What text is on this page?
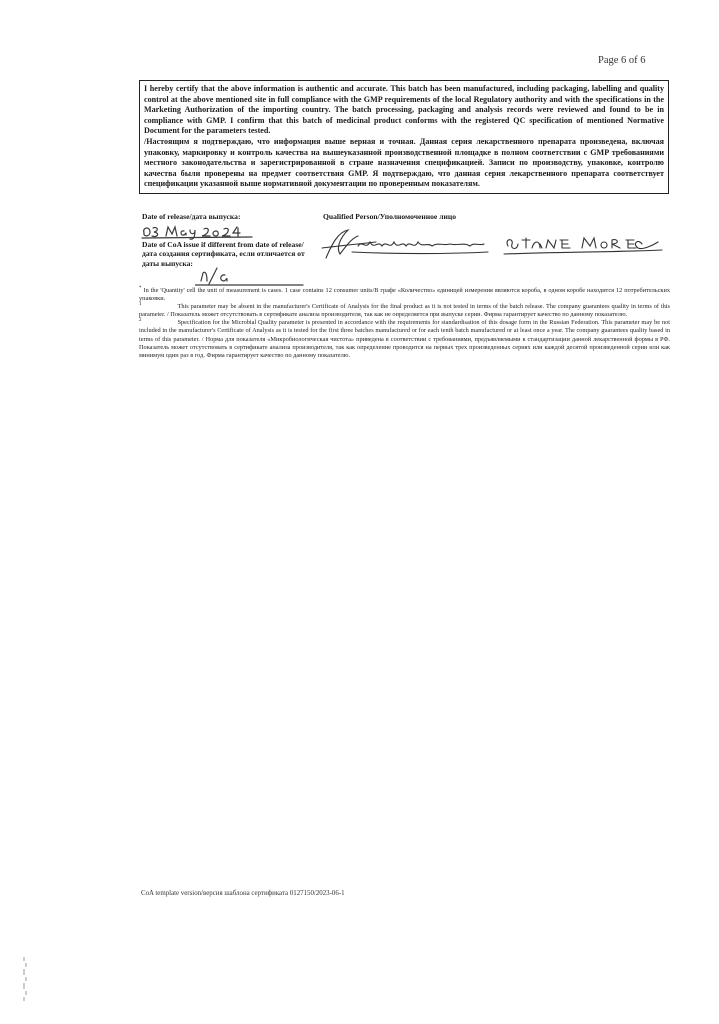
Page 6 of 6

I hereby certify that the above information is authentic and accurate. This batch has been manufactured, including packaging, labelling and quality control at the above mentioned site in full compliance with the GMP requirements of the local Regulatory authority and with the specifications in the Marketing Authorization of the importing country. The batch processing, packaging and analysis records were reviewed and found to be in compliance with GMP. I confirm that this batch of medicinal product conforms with the registered QC specification of mentioned Normative Document for the parameters tested.

/Настоящим я подтверждаю, что информация выше верная и точная. Данная серия лекарственного препарата произведена, включая упаковку, маркировку и контроль качества на вышеуказанной производственной площадке в полном соответствии с GMP требованиями местного законодательства и зарегистрированной в стране назначения спецификацией. Записи по производству, упаковке, контролю качества были проверены на предмет соответствия GMP. Я подтверждаю, что данная серия лекарственного препарата соответствует спецификации указанной выше нормативной документации по проверенным показателям.

Date of release/дата выпуска:
Date of CoA issue if different from date of release/дата создания сертификата, если отличается от даты выпуска:
Qualified Person/Уполномоченное лицо

* In the 'Quantity' cell the unit of measurement is cases. 1 case contains 12 consumer units/В графе «Количество» единицей измерения являются коробa, в одном коробе находится 12 потребительских упаковки.

$^1$	This parameter may be absent in the manufacturer's Certificate of Analysis for the final product as it is not tested in terms of the batch release. The company guarantees quality in terms of this parameter. / Показатель может отсутствовать в сертификате анализа производителя, так как не определяется при выпуске серии. Фирма гарантирует качество по данному показателю.

$^2$	Specification for the Microbial Quality parameter is presented in accordance with the requirements for standardisation of this dosage form in the Russian Federation. This parameter may be not included in the manufacturer's Certificate of Analysis as it is tested for the first three batches manufactured or for each tenth batch manufactured or at least once a year. The company guarantees quality based in terms of this parameter. / Норма для показателя «Микробиологическая чистота» приведена в соответствии с требованиями, предъявляемыми к стандартизации данной лекарственной формы в РФ. Показатель может отсутствовать в сертификате анализа производителя, так как определение проводится на первых трех произведенных сериях или каждой десятой произведенной серии или как минимум один раз в год. Фирма гарантирует качество по данному показателю.

CoA template version/версия шаблона сертификата 0127150/2023-06-1
